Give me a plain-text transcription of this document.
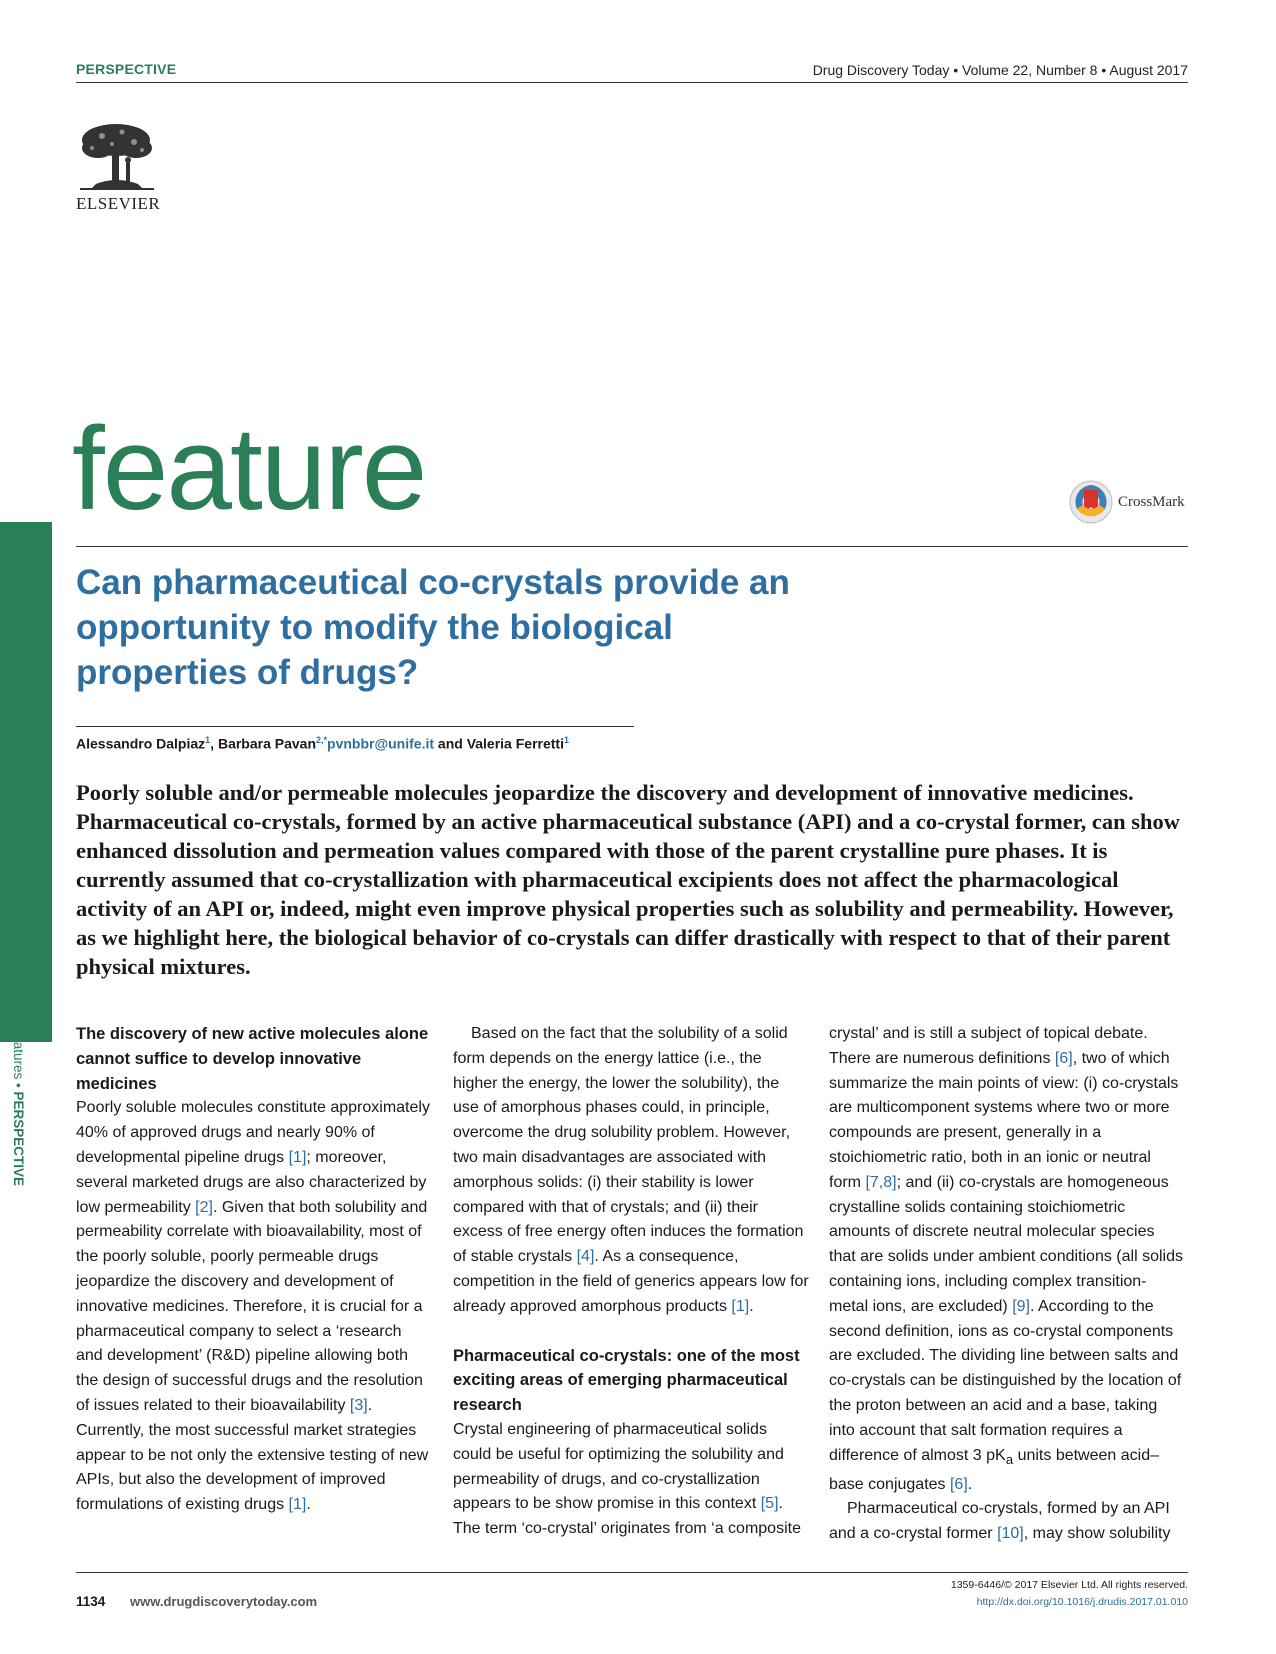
PERSPECTIVE	Drug Discovery Today • Volume 22, Number 8 • August 2017
ELSEVIER
feature	CrossMark
Can pharmaceutical co-crystals provide an opportunity to modify the biological properties of drugs?
Alessandro Dalpiaz$^1$, Barbara Pavan$^{2,*}$pvnbbr@unife.it and Valeria Ferretti$^1$

Poorly soluble and/or permeable molecules jeopardize the discovery and development of innovative medicines. Pharmaceutical co-crystals, formed by an active pharmaceutical substance (API) and a co-crystal former, can show enhanced dissolution and permeation values compared with those of the parent crystalline pure phases. It is currently assumed that co-crystallization with pharmaceutical excipients does not affect the pharmacological activity of an API or, indeed, might even improve physical properties such as solubility and permeability. However, as we highlight here, the biological behavior of co-crystals can differ drastically with respect to that of their parent physical mixtures.

Features • PERSPECTIVE
The discovery of new active molecules alone cannot suffice to develop innovative medicines

Poorly soluble molecules constitute approximately 40% of approved drugs and nearly 90% of developmental pipeline drugs [1]; moreover, several marketed drugs are also characterized by low permeability [2]. Given that both solubility and permeability correlate with bioavailability, most of the poorly soluble, poorly permeable drugs jeopardize the discovery and development of innovative medicines. Therefore, it is crucial for a pharmaceutical company to select a ‘research and development’ (R&D) pipeline allowing both the design of successful drugs and the resolution of issues related to their bioavailability [3]. Currently, the most successful market strategies appear to be not only the extensive testing of new APIs, but also the development of improved formulations of existing drugs [1].

Based on the fact that the solubility of a solid form depends on the energy lattice (i.e., the higher the energy, the lower the solubility), the use of amorphous phases could, in principle, overcome the drug solubility problem. However, two main disadvantages are associated with amorphous solids: (i) their stability is lower compared with that of crystals; and (ii) their excess of free energy often induces the formation of stable crystals [4]. As a consequence, competition in the field of generics appears low for already approved amorphous products [1].

Pharmaceutical co-crystals: one of the most exciting areas of emerging pharmaceutical research

Crystal engineering of pharmaceutical solids could be useful for optimizing the solubility and permeability of drugs, and co-crystallization appears to be show promise in this context [5]. The term ‘co-crystal’ originates from ‘a composite

crystal’ and is still a subject of topical debate. There are numerous definitions [6], two of which summarize the main points of view: (i) co-crystals are multicomponent systems where two or more compounds are present, generally in a stoichiometric ratio, both in an ionic or neutral form [7,8]; and (ii) co-crystals are homogeneous crystalline solids containing stoichiometric amounts of discrete neutral molecular species that are solids under ambient conditions (all solids containing ions, including complex transition-metal ions, are excluded) [9]. According to the second definition, ions as co-crystal components are excluded. The dividing line between salts and co-crystals can be distinguished by the location of the proton between an acid and a base, taking into account that salt formation requires a difference of almost 3 $pK_a$ units between acid–base conjugates [6].

Pharmaceutical co-crystals, formed by an API and a co-crystal former [10], may show solubility

1134 www.drugdiscoverytoday.com
1359-6446/© 2017 Elsevier Ltd. All rights reserved.
http://dx.doi.org/10.1016/j.drudis.2017.01.010
